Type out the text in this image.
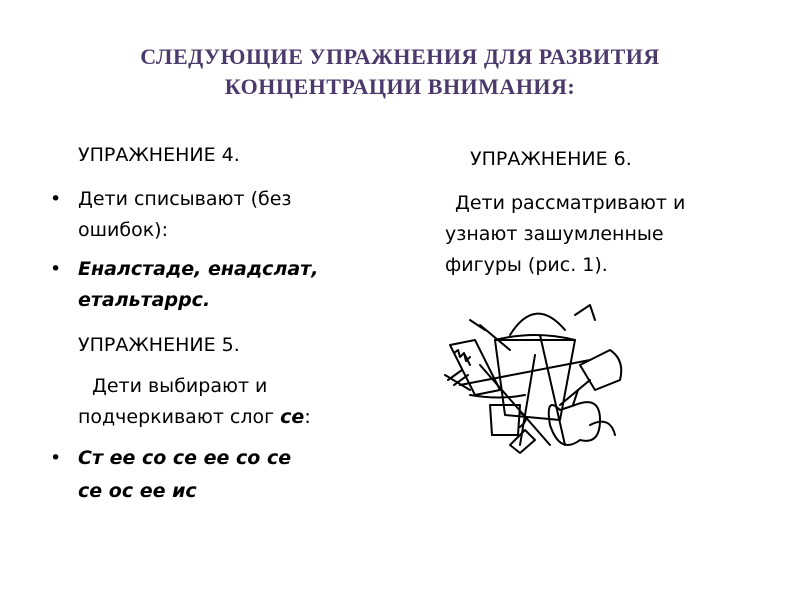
СЛЕДУЮЩИЕ УПРАЖНЕНИЯ ДЛЯ РАЗВИТИЯ
КОНЦЕНТРАЦИИ ВНИМАНИЯ:
УПРАЖНЕНИЕ 4.
• Дети списывают (без
ошибок):
• Еналстаде, енадслат,
етальтаррс.
УПРАЖНЕНИЕ 5.
Дети выбирают и
подчеркивают слог се:
• Ст ее со се ее со се
се ос ее ис
УПРАЖНЕНИЕ 6.
Дети рассматривают и
узнают зашумленные
фигуры (рис. 1).
